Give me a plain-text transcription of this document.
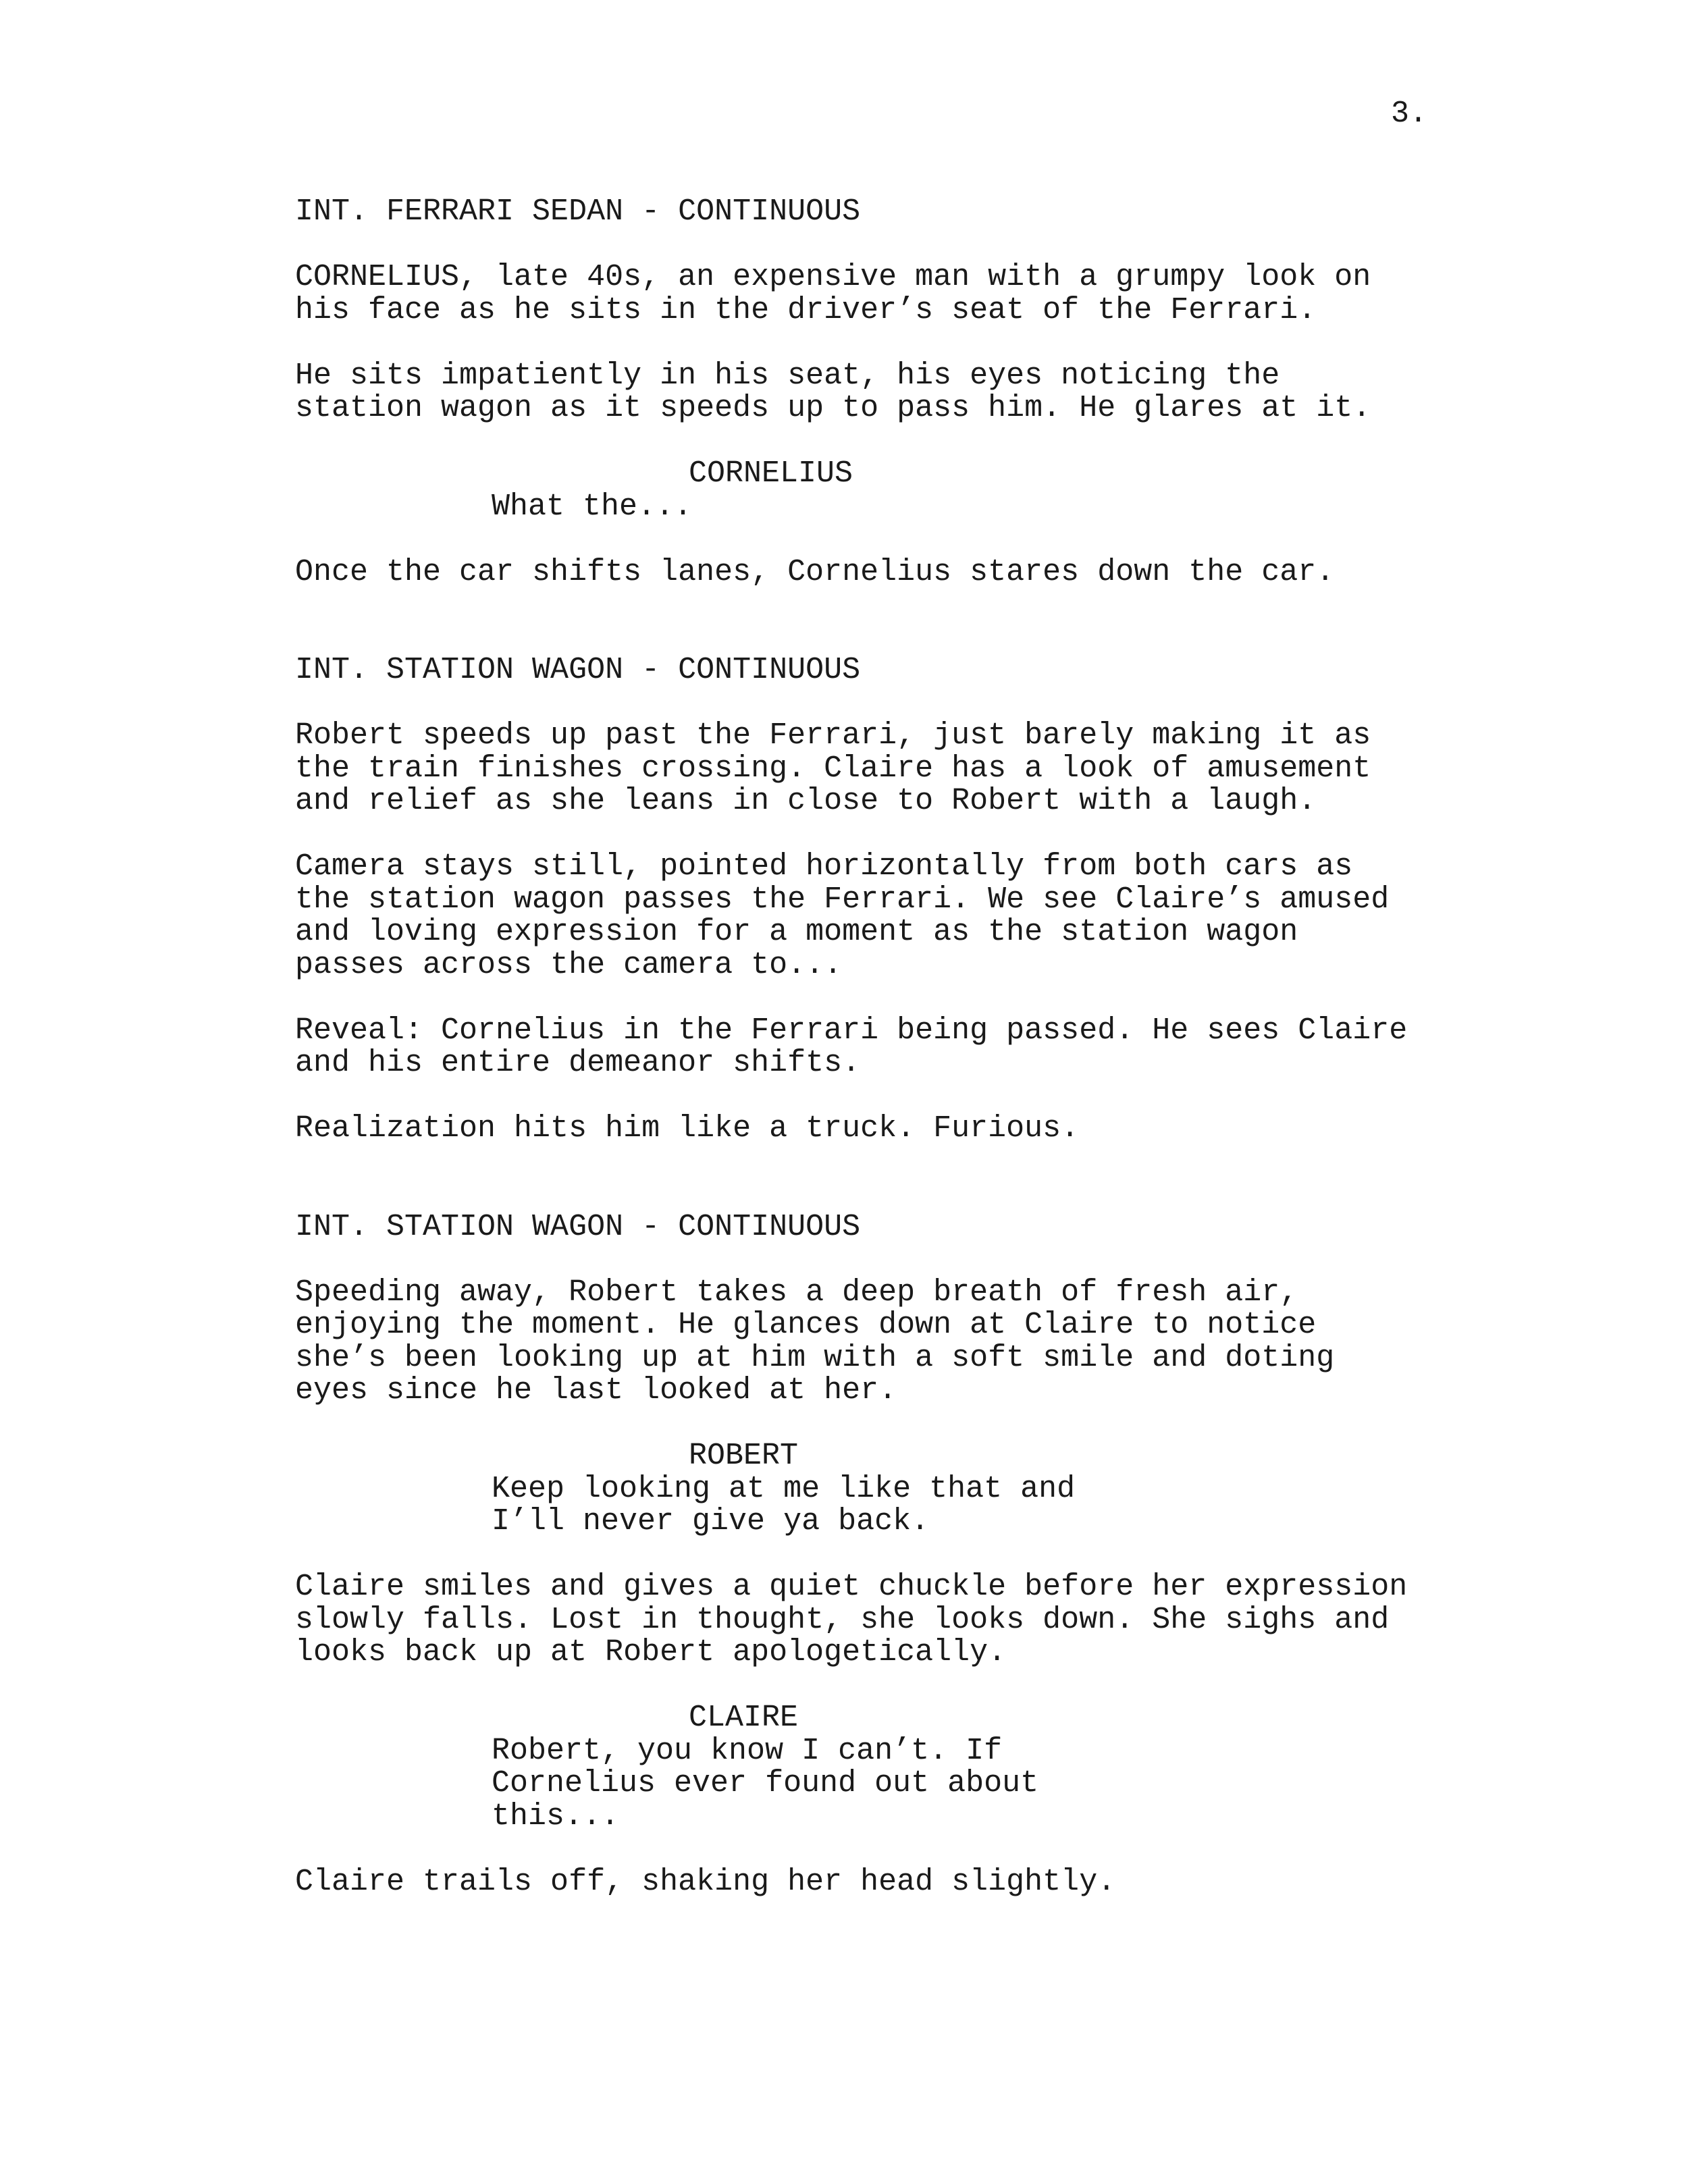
3.

INT. FERRARI SEDAN - CONTINUOUS

CORNELIUS, late 40s, an expensive man with a grumpy look on
his face as he sits in the driver’s seat of the Ferrari.

He sits impatiently in his seat, his eyes noticing the
station wagon as it speeds up to pass him. He glares at it.

CORNELIUS

What the...

Once the car shifts lanes, Cornelius stares down the car.

INT. STATION WAGON - CONTINUOUS

Robert speeds up past the Ferrari, just barely making it as
the train finishes crossing. Claire has a look of amusement
and relief as she leans in close to Robert with a laugh.

Camera stays still, pointed horizontally from both cars as
the station wagon passes the Ferrari. We see Claire’s amused
and loving expression for a moment as the station wagon
passes across the camera to...

Reveal: Cornelius in the Ferrari being passed. He sees Claire
and his entire demeanor shifts.

Realization hits him like a truck. Furious.

INT. STATION WAGON - CONTINUOUS

Speeding away, Robert takes a deep breath of fresh air,
enjoying the moment. He glances down at Claire to notice
she’s been looking up at him with a soft smile and doting
eyes since he last looked at her.

ROBERT

Keep looking at me like that and
I’ll never give ya back.

Claire smiles and gives a quiet chuckle before her expression
slowly falls. Lost in thought, she looks down. She sighs and
looks back up at Robert apologetically.

CLAIRE

Robert, you know I can’t. If
Cornelius ever found out about
this...

Claire trails off, shaking her head slightly.
